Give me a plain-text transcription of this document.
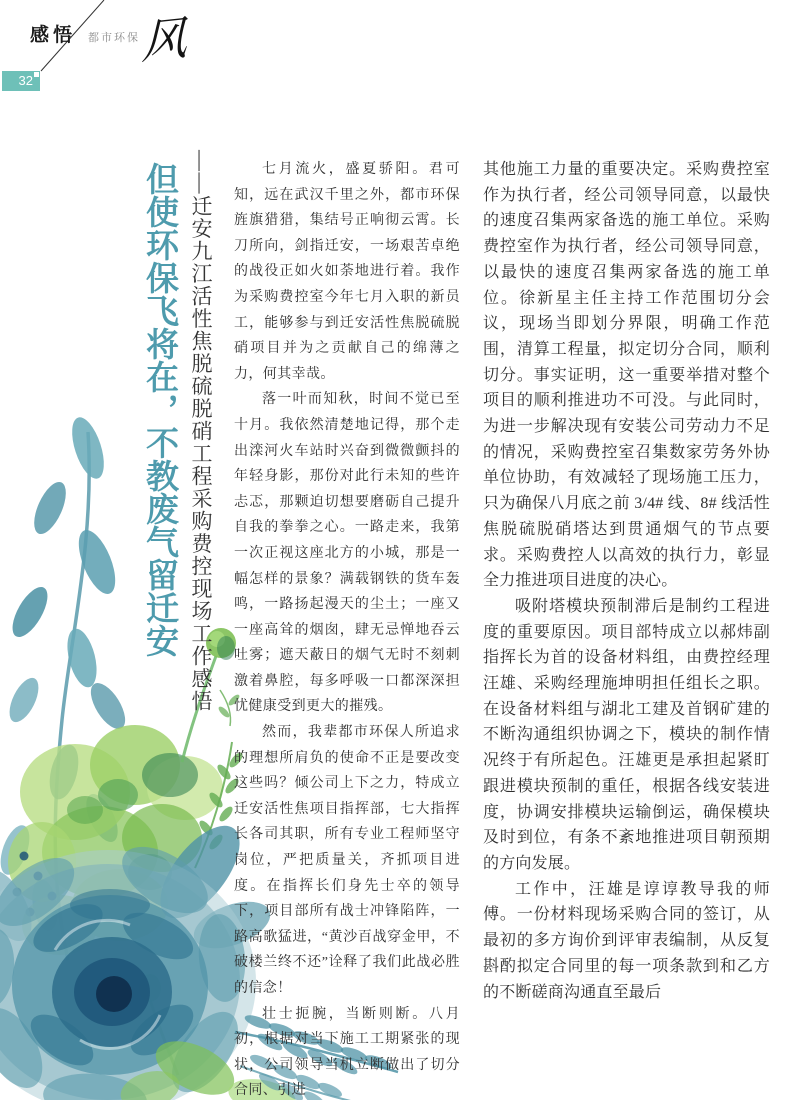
感悟 都市环保 风
32
但使环保飞将在，不教废气留迁安 ——迁安九江活性焦脱硫脱硝工程采购费控现场工作感悟	七月流火，盛夏骄阳。君可知，远在武汉千里之外，都市环保旌旗猎猎，集结号正响彻云霄。长刀所向，剑指迁安，一场艰苦卓绝的战役正如火如荼地进行着。我作为采购费控室今年七月入职的新员工，能够参与到迁安活性焦脱硫脱硝项目并为之贡献自己的绵薄之力，何其幸哉。

落一叶而知秋，时间不觉已至十月。我依然清楚地记得，那个走出滦河火车站时兴奋到微微颤抖的年轻身影，那份对此行未知的些许忐忑，那颗迫切想要磨砺自己提升自我的拳拳之心。一路走来，我第一次正视这座北方的小城，那是一幅怎样的景象？满载钢铁的货车轰鸣，一路扬起漫天的尘土；一座又一座高耸的烟囱，肆无忌惮地吞云吐雾；遮天蔽日的烟气无时不刻刺激着鼻腔，每多呼吸一口都深深担忧健康受到更大的摧残。

然而，我辈都市环保人所追求的理想所肩负的使命不正是要改变这些吗？倾公司上下之力，特成立迁安活性焦项目指挥部，七大指挥长各司其职，所有专业工程师坚守岗位，严把质量关，齐抓项目进度。在指挥长们身先士卒的领导下，项目部所有战士冲锋陷阵，一路高歌猛进，“黄沙百战穿金甲，不破楼兰终不还”诠释了我们此战必胜的信念！

壮士扼腕，当断则断。八月初，根据对当下施工工期紧张的现状，公司领导当机立断做出了切分合同、引进

其他施工力量的重要决定。采购费控室作为执行者，经公司领导同意，以最快的速度召集两家备选的施工单位。采购费控室作为执行者，经公司领导同意，以最快的速度召集两家备选的施工单位。徐新星主任主持工作范围切分会议，现场当即划分界限，明确工作范围，清算工程量，拟定切分合同，顺利切分。事实证明，这一重要举措对整个项目的顺利推进功不可没。与此同时，为进一步解决现有安装公司劳动力不足的情况，采购费控室召集数家劳务外协单位协助，有效减轻了现场施工压力，只为确保八月底之前 3/4# 线、8# 线活性焦脱硫脱硝塔达到贯通烟气的节点要求。采购费控人以高效的执行力，彰显全力推进项目进度的决心。

吸附塔模块预制滞后是制约工程进度的重要原因。项目部特成立以郝炜副指挥长为首的设备材料组，由费控经理汪雄、采购经理施坤明担任组长之职。在设备材料组与湖北工建及首钢矿建的不断沟通组织协调之下，模块的制作情况终于有所起色。汪雄更是承担起紧盯跟进模块预制的重任，根据各线安装进度，协调安排模块运输倒运，确保模块及时到位，有条不紊地推进项目朝预期的方向发展。

工作中，汪雄是谆谆教导我的师傅。一份材料现场采购合同的签订，从最初的多方询价到评审表编制，从反复斟酌拟定合同里的每一项条款到和乙方的不断磋商沟通直至最后
